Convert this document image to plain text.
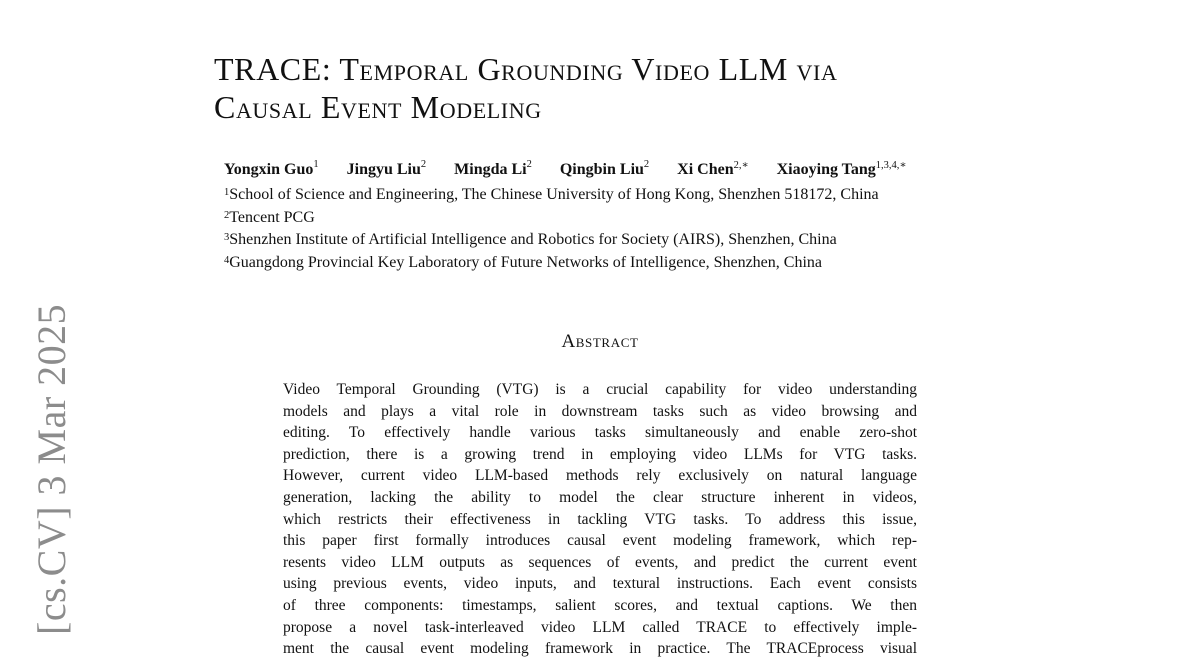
TRACE: Temporal Grounding Video LLM via
Causal Event Modeling
Yongxin Guo$^1$ Jingyu Liu$^2$ Mingda Li$^2$ Qingbin Liu$^2$ Xi Chen$^{2,∗}$ Xiaoying Tang$^{1,3,4,∗}$
$^1$School of Science and Engineering, The Chinese University of Hong Kong, Shenzhen 518172, China
$^2$Tencent PCG
$^3$Shenzhen Institute of Artificial Intelligence and Robotics for Society (AIRS), Shenzhen, China
$^4$Guangdong Provincial Key Laboratory of Future Networks of Intelligence, Shenzhen, China
[cs.CV] 3 Mar 2025	Abstract
Video Temporal Grounding (VTG) is a crucial capability for video understanding
models and plays a vital role in downstream tasks such as video browsing and
editing. To effectively handle various tasks simultaneously and enable zero-shot
prediction, there is a growing trend in employing video LLMs for VTG tasks.
However, current video LLM-based methods rely exclusively on natural language
generation, lacking the ability to model the clear structure inherent in videos,
which restricts their effectiveness in tackling VTG tasks. To address this issue,
this paper first formally introduces causal event modeling framework, which rep-
resents video LLM outputs as sequences of events, and predict the current event
using previous events, video inputs, and textural instructions. Each event consists
of three components: timestamps, salient scores, and textual captions. We then
propose a novel task-interleaved video LLM called TRACE to effectively imple-
ment the causal event modeling framework in practice. The TRACEprocess visual
